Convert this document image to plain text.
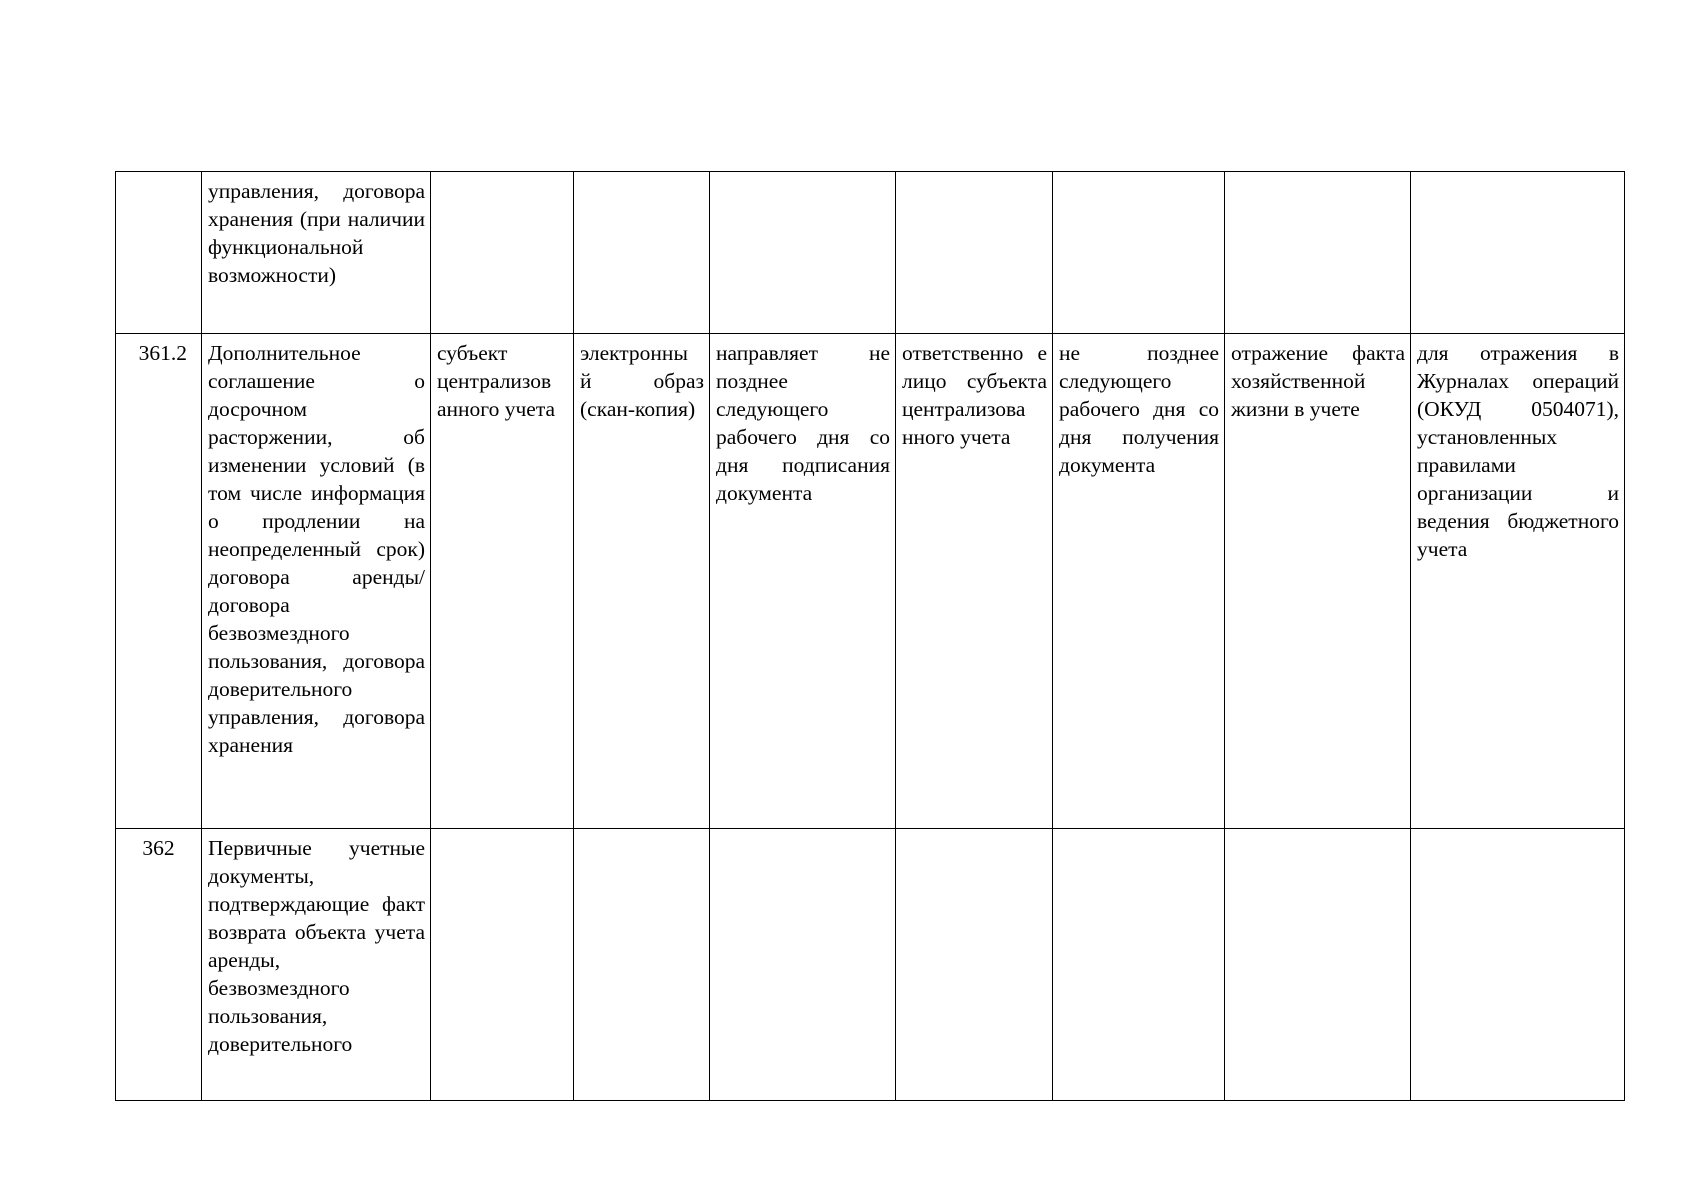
	управления, договора хранения (при наличии функциональной возможности)							
361.2	Дополнительное соглашение о досрочном расторжении, об изменении условий (в том числе информация о продлении на неопределенный срок) договора аренды/договора безвозмездного пользования, договора доверительного управления, договора хранения	субъект централизов анного учета	электронны й образ (скан-копия)	направляет не позднее следующего рабочего дня со дня подписания документа	ответственно е лицо субъекта централизова нного учета	не позднее следующего рабочего дня со дня получения документа	отражение факта хозяйственной жизни в учете	для отражения в Журналах операций (ОКУД 0504071), установленных правилами организации и ведения бюджетного учета
362	Первичные учетные документы, подтверждающие факт возврата объекта учета аренды, безвозмездного пользования, доверительного							
